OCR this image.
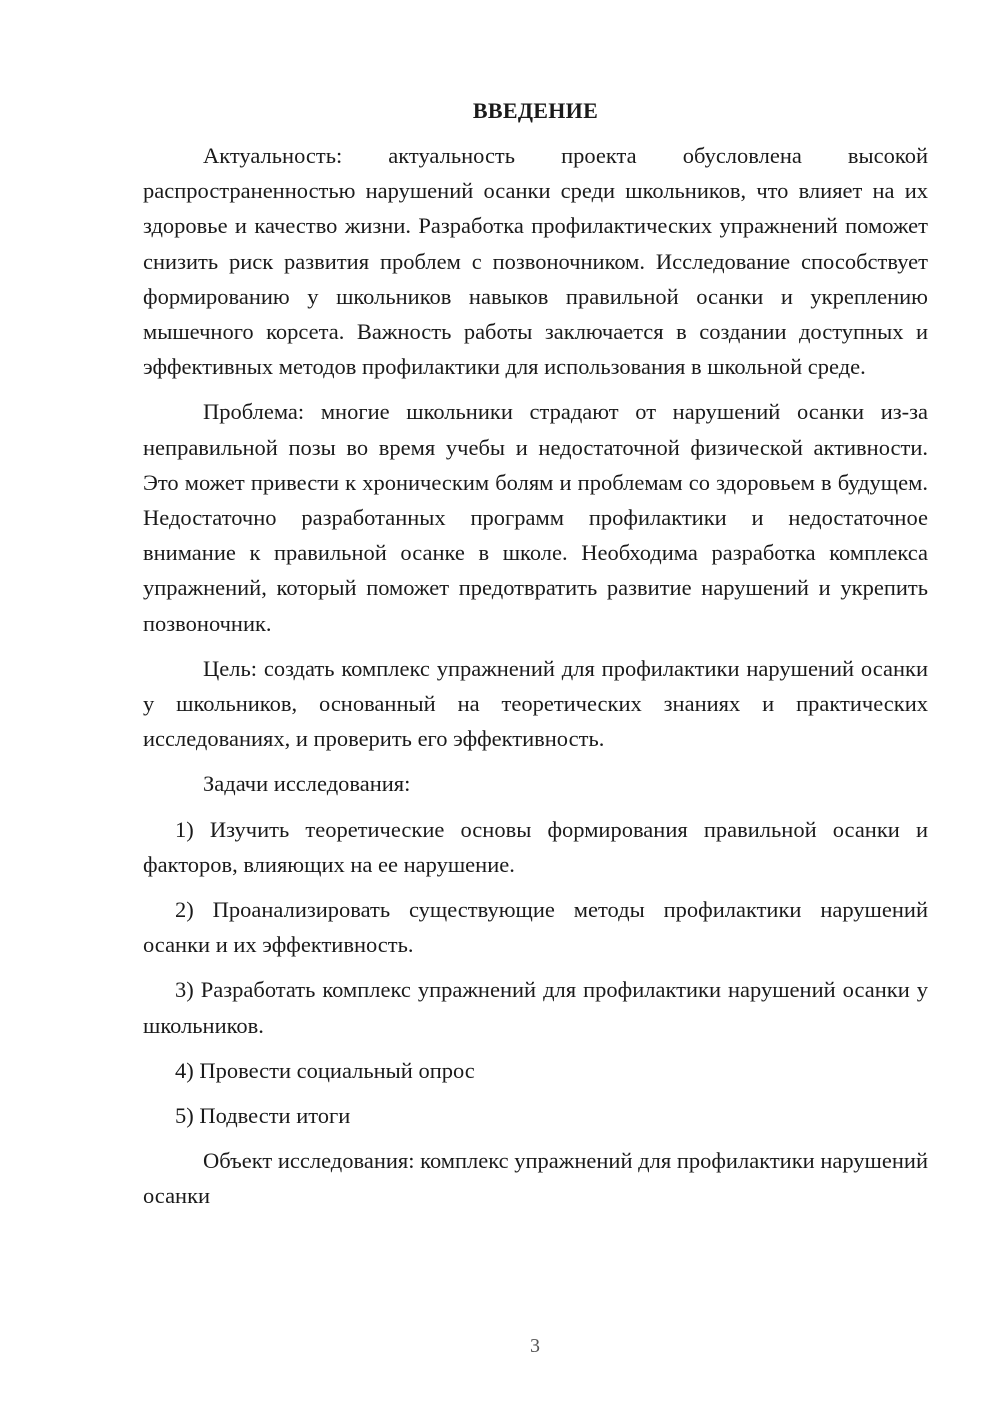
ВВЕДЕНИЕ

Актуальность: актуальность проекта обусловлена высокой распространенностью нарушений осанки среди школьников, что влияет на их здоровье и качество жизни. Разработка профилактических упражнений поможет снизить риск развития проблем с позвоночником. Исследование способствует формированию у школьников навыков правильной осанки и укреплению мышечного корсета. Важность работы заключается в создании доступных и эффективных методов профилактики для использования в школьной среде.

Проблема: многие школьники страдают от нарушений осанки из-за неправильной позы во время учебы и недостаточной физической активности. Это может привести к хроническим болям и проблемам со здоровьем в будущем. Недостаточно разработанных программ профилактики и недостаточное внимание к правильной осанке в школе. Необходима разработка комплекса упражнений, который поможет предотвратить развитие нарушений и укрепить позвоночник.

Цель: создать комплекс упражнений для профилактики нарушений осанки у школьников, основанный на теоретических знаниях и практических исследованиях, и проверить его эффективность.

Задачи исследования:

1) Изучить теоретические основы формирования правильной осанки и факторов, влияющих на ее нарушение.

2) Проанализировать существующие методы профилактики нарушений осанки и их эффективность.

3) Разработать комплекс упражнений для профилактики нарушений осанки у школьников.

4) Провести социальный опрос

5) Подвести итоги

Объект исследования: комплекс упражнений для профилактики нарушений осанки

3
